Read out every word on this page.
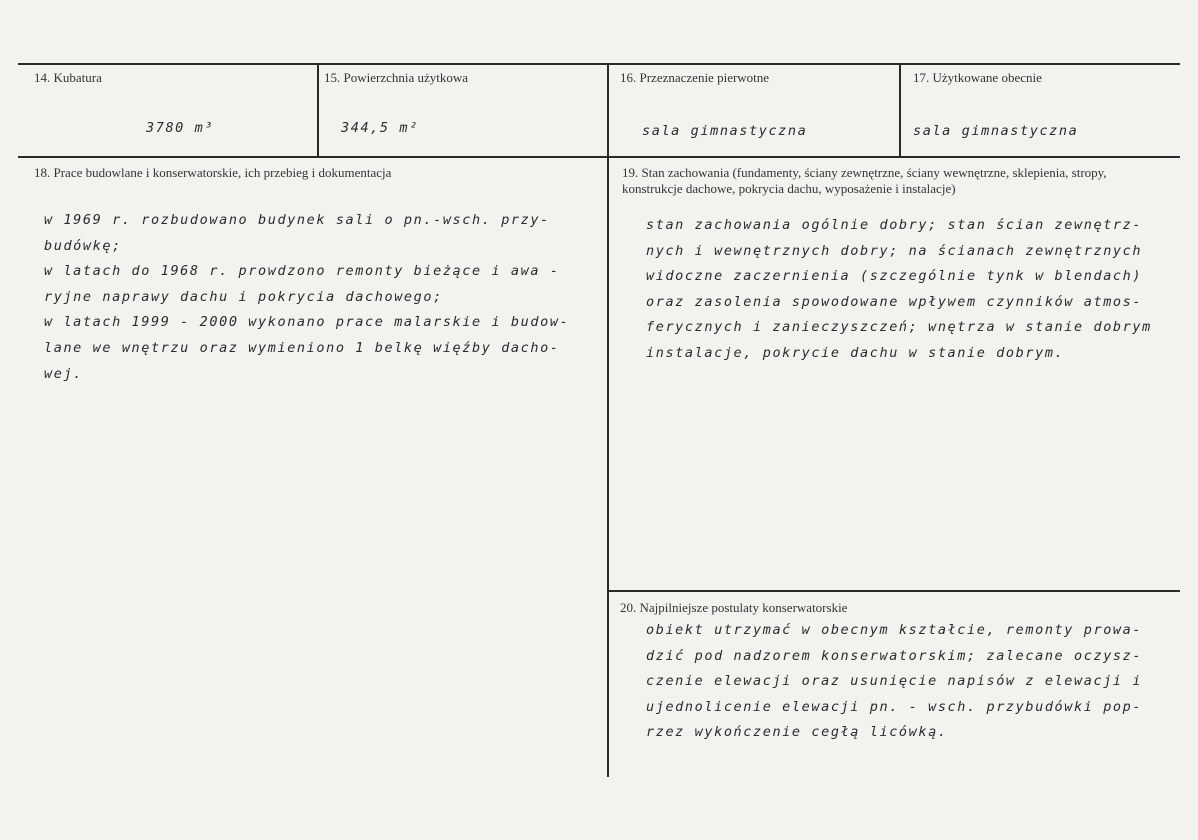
14. Kubatura
3780 m³
15. Powierzchnia użytkowa
344,5 m²
16. Przeznaczenie pierwotne
sala gimnastyczna
17. Użytkowane obecnie
sala gimnastyczna
18. Prace budowlane i konserwatorskie, ich przebieg i dokumentacja
w 1969 r. rozbudowano budynek sali o pn.-wsch. przy-
budówkę;
w latach do 1968 r. prowdzono remonty bieżące i awa -
ryjne naprawy dachu i pokrycia dachowego;
w latach 1999 - 2000 wykonano prace malarskie i budow-
lane we wnętrzu oraz wymieniono 1 belkę więźby dacho-
wej.
19. Stan zachowania (fundamenty, ściany zewnętrzne, ściany wewnętrzne, sklepienia, stropy, konstrukcje dachowe, pokrycia dachu, wyposażenie i instalacje)
stan zachowania ogólnie dobry; stan ścian zewnętrz-
nych i wewnętrznych dobry; na ścianach zewnętrznych
widoczne zaczernienia (szczególnie tynk w blendach)
oraz zasolenia spowodowane wpływem czynników atmos-
ferycznych i zanieczyszczeń; wnętrza w stanie dobrym
instalacje, pokrycie dachu w stanie dobrym.
20. Najpilniejsze postulaty konserwatorskie
obiekt utrzymać w obecnym kształcie, remonty prowa-
dzić pod nadzorem konserwatorskim; zalecane oczysz-
czenie elewacji oraz usunięcie napisów z elewacji i
ujednolicenie elewacji pn. - wsch. przybudówki pop-
rzez wykończenie cegłą licówką.
